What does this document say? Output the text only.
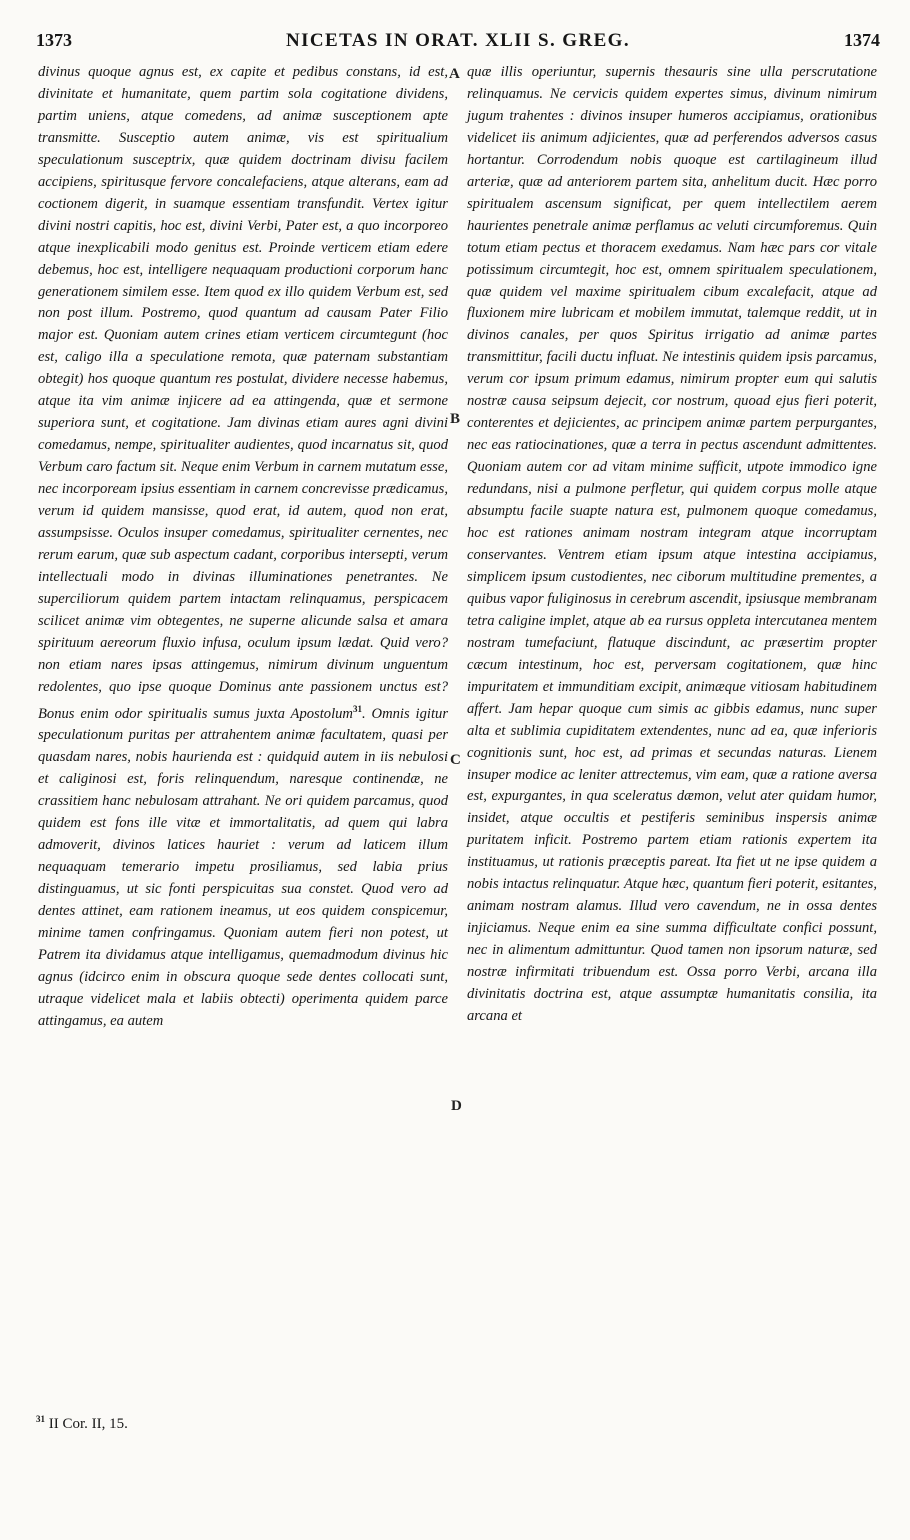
1373	NICETAS IN ORAT. XLII S. GREG.	1374

divinus quoque agnus est, ex capite et pedibus constans, id est, divinitate et humanitate, quem partim sola cogitatione dividens, partim uniens, atque comedens, ad animæ susceptionem apte transmitte. Susceptio autem animæ, vis est spiritualium speculationum susceptrix, quæ quidem doctrinam divisu facilem accipiens, spiritusque fervore concalefaciens, atque alterans, eam ad coctionem digerit, in suamque essentiam transfundit. Vertex igitur divini nostri capitis, hoc est, divini Verbi, Pater est, a quo incorporeo atque inexplicabili modo genitus est. Proinde verticem etiam edere debemus, hoc est, intelligere nequaquam productioni corporum hanc generationem similem esse. Item quod ex illo quidem Verbum est, sed non post illum. Postremo, quod quantum ad causam Pater Filio major est. Quoniam autem crines etiam verticem circumtegunt (hoc est, caligo illa a speculatione remota, quæ paternam substantiam obtegit) hos quoque quantum res postulat, dividere necesse habemus, atque ita vim animæ injicere ad ea attingenda, quæ et sermone superiora sunt, et cogitatione. Jam divinas etiam aures agni divini comedamus, nempe, spiritualiter audientes, quod incarnatus sit, quod Verbum caro factum sit. Neque enim Verbum in carnem mutatum esse, nec incorpoream ipsius essentiam in carnem concrevisse prædicamus, verum id quidem mansisse, quod erat, id autem, quod non erat, assumpsisse. Oculos insuper comedamus, spiritualiter cernentes, nec rerum earum, quæ sub aspectum cadant, corporibus intersepti, verum intellectuali modo in divinas illuminationes penetrantes. Ne superciliorum quidem partem intactam relinquamus, perspicacem scilicet animæ vim obtegentes, ne superne alicunde salsa et amara spirituum aereorum fluxio infusa, oculum ipsum lædat. Quid vero? non etiam nares ipsas attingemus, nimirum divinum unguentum redolentes, quo ipse quoque Dominus ante passionem unctus est? Bonus enim odor spiritualis sumus juxta Apostolum$^{31}$. Omnis igitur speculationum puritas per attrahentem animæ facultatem, quasi per quasdam nares, nobis haurienda est : quidquid autem in iis nebulosi et caliginosi est, foris relinquendum, naresque continendæ, ne crassitiem hanc nebulosam attrahant. Ne ori quidem parcamus, quod quidem est fons ille vitæ et immortalitatis, ad quem qui labra admoverit, divinos latices hauriet : verum ad laticem illum nequaquam temerario impetu prosiliamus, sed labia prius distinguamus, ut sic fonti perspicuitas sua constet. Quod vero ad dentes attinet, eam rationem ineamus, ut eos quidem conspicemur, minime tamen confringamus. Quoniam autem fieri non potest, ut Patrem ita dividamus atque intelligamus, quemadmodum divinus hic agnus (idcirco enim in obscura quoque sede dentes collocati sunt, utraque videlicet mala et labiis obtecti) operimenta quidem parce attingamus, ea autem

A
B
C
D

quæ illis operiuntur, supernis thesauris sine ulla perscrutatione relinquamus. Ne cervicis quidem expertes simus, divinum nimirum jugum trahentes : divinos insuper humeros accipiamus, orationibus videlicet iis animum adjicientes, quæ ad perferendos adversos casus hortantur. Corrodendum nobis quoque est cartilagineum illud arteriæ, quæ ad anteriorem partem sita, anhelitum ducit. Hæc porro spiritualem ascensum significat, per quem intellectilem aerem haurientes penetrale animæ perflamus ac veluti circumforemus. Quin totum etiam pectus et thoracem exedamus. Nam hæc pars cor vitale potissimum circumtegit, hoc est, omnem spiritualem speculationem, quæ quidem vel maxime spiritualem cibum excalefacit, atque ad fluxionem mire lubricam et mobilem immutat, talemque reddit, ut in divinos canales, per quos Spiritus irrigatio ad animæ partes transmittitur, facili ductu influat. Ne intestinis quidem ipsis parcamus, verum cor ipsum primum edamus, nimirum propter eum qui salutis nostræ causa seipsum dejecit, cor nostrum, quoad ejus fieri poterit, conterentes et dejicientes, ac principem animæ partem perpurgantes, nec eas ratiocinationes, quæ a terra in pectus ascendunt admittentes. Quoniam autem cor ad vitam minime sufficit, utpote immodico igne redundans, nisi a pulmone perfletur, qui quidem corpus molle atque absumptu facile suapte natura est, pulmonem quoque comedamus, hoc est rationes animam nostram integram atque incorruptam conservantes. Ventrem etiam ipsum atque intestina accipiamus, simplicem ipsum custodientes, nec ciborum multitudine prementes, a quibus vapor fuliginosus in cerebrum ascendit, ipsiusque membranam tetra caligine implet, atque ab ea rursus oppleta intercutanea mentem nostram tumefaciunt, flatuque discindunt, ac præsertim propter cæcum intestinum, hoc est, perversam cogitationem, quæ hinc impuritatem et immunditiam excipit, animæque vitiosam habitudinem affert. Jam hepar quoque cum simis ac gibbis edamus, nunc super alta et sublimia cupiditatem extendentes, nunc ad ea, quæ inferioris cognitionis sunt, hoc est, ad primas et secundas naturas. Lienem insuper modice ac leniter attrectemus, vim eam, quæ a ratione aversa est, expurgantes, in qua sceleratus dæmon, velut ater quidam humor, insidet, atque occultis et pestiferis seminibus inspersis animæ puritatem inficit. Postremo partem etiam rationis expertem ita instituamus, ut rationis præceptis pareat. Ita fiet ut ne ipse quidem a nobis intactus relinquatur. Atque hæc, quantum fieri poterit, esitantes, animam nostram alamus. Illud vero cavendum, ne in ossa dentes injiciamus. Neque enim ea sine summa difficultate confici possunt, nec in alimentum admittuntur. Quod tamen non ipsorum naturæ, sed nostræ infirmitati tribuendum est. Ossa porro Verbi, arcana illa divinitatis doctrina est, atque assumptæ humanitatis consilia, ita arcana et

$^{31}$ II Cor. II, 15.
